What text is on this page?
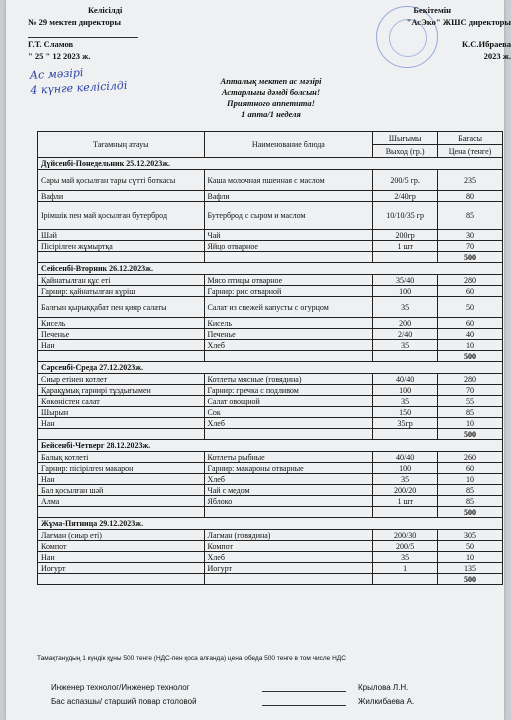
Келісілді
№ 29 мектеп директоры
Г.Т. Сламов
" 25 " 12 2023 ж.
Бекітемін
"АсЭко" ЖШС директоры
К.С.Ибраева
2023 ж.
Ас мәзірі
4 күнге келісілді	Апталық мектеп ас мәзірі
Астарлығы дәмді болсын!
Приятного аппетита!
1 апта/1 неделя
Тағамның атауы	Наименование блюда	Шығымы	Бағасы
		Выход (гр.)	Цена (тенге)
Дүйсенбі-Понедельник 25.12.2023ж.			
Сары май қосылған тары сүтті боткасы	Каша молочная пшенная с маслом	200/5 гр.	235
Вафли	Вафли	2/40гр	80
Ірімшік пен май қосылған бутерброд	Бутерброд с сыром и маслом	10/10/35 гр	85
Шәй	Чай	200гр	30
Пісірілген жұмыртқа	Яйцо отварное	1 шт	70
			500
Сейсенбі-Вторник 26.12.2023ж.			
Қайнатылған құс еті	Мясо птицы отварное	35/40	280
Гарнир: қайнатылған күріш	Гарнир: рис отварной	100	60
Балғын қырыққабат пен қияр салаты	Салат из свежей капусты с огурцом	35	50
Кисель	Кисель	200	60
Печенье	Печенье	2/40	40
Нан	Хлеб	35	10
			500
Сәрсенбі-Среда 27.12.2023ж.			
Сиыр етінен котлет	Котлеты мясные (говядина)	40/40	280
Қарақұмық гарнирі тұздығымен	Гарнир: гречка с подливом	100	70
Көкөністен салат	Салат овощной	35	55
Шырын	Сок	150	85
Нан	Хлеб	35гр	10
			500
Бейсенбі-Четверг 28.12.2023ж.			
Балық котлеті	Котлеты рыбные	40/40	260
Гарнир: пісірілген макарон	Гарнир: макароны отварные	100	60
Нан	Хлеб	35	10
Бал қосылған шәй	Чай с медом	200/20	85
Алма	Яблоко	1 шт	85
			500
Жұма-Пятница 29.12.2023ж.			
Лағман (сиыр еті)	Лагман (говядина)	200/30	305
Компот	Компот	200/5	50
Нан	Хлеб	35	10
Иогурт	Иогурт	1	135
			500
Тамақтанудың 1 күндік құны 500 тенге (НДС-пен қоса алғанда) цена обеда 500 тенге в том числе НДС
Инженер технолог/Инженер технолог	Крылова Л.Н.
Бас аспазшы/ старший повар столовой	Жилкибаева А.
